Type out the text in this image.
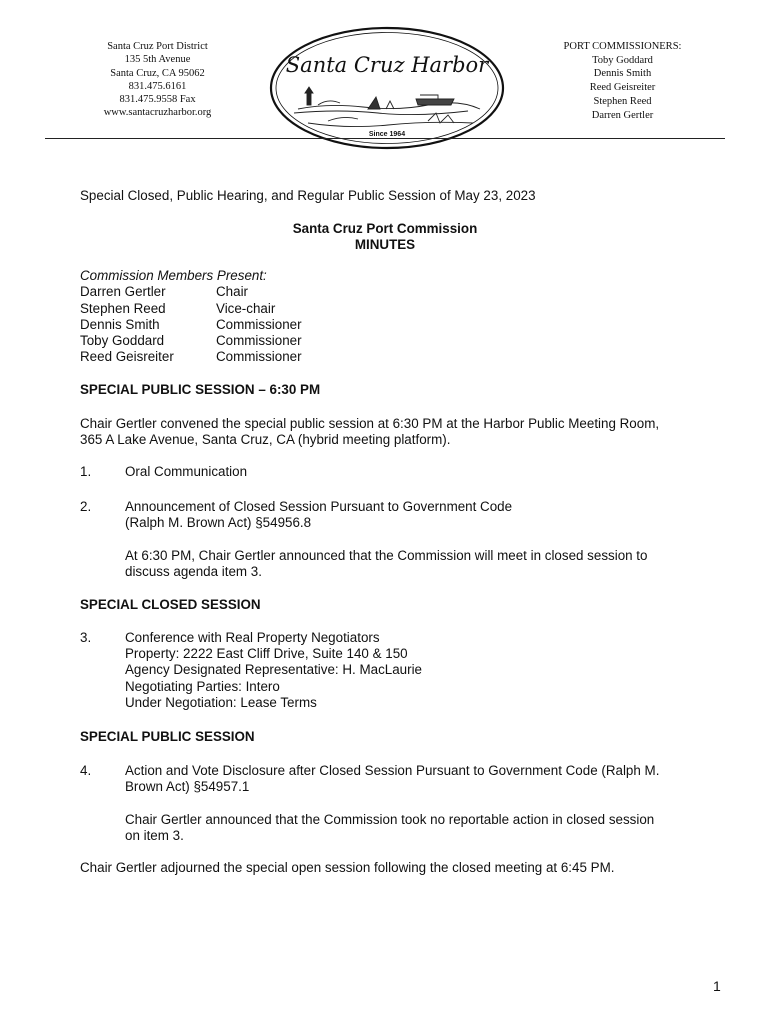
Santa Cruz Port District
135 5th Avenue
Santa Cruz, CA 95062
831.475.6161
831.475.9558 Fax
www.santacruzharbor.org
Santa Cruz Harbor
Since 1964
PORT COMMISSIONERS:
Toby Goddard
Dennis Smith
Reed Geisreiter
Stephen Reed
Darren Gertler
Special Closed, Public Hearing, and Regular Public Session of May 23, 2023
Santa Cruz Port Commission
MINUTES
Commission Members Present:
Darren Gertler	Chair
Stephen Reed	Vice-chair
Dennis Smith	Commissioner
Toby Goddard	Commissioner
Reed Geisreiter	Commissioner
SPECIAL PUBLIC SESSION – 6:30 PM
Chair Gertler convened the special public session at 6:30 PM at the Harbor Public Meeting Room,
365 A Lake Avenue, Santa Cruz, CA (hybrid meeting platform).
1.	Oral Communication
2.	Announcement of Closed Session Pursuant to Government Code
(Ralph M. Brown Act) §54956.8
At 6:30 PM, Chair Gertler announced that the Commission will meet in closed session to
discuss agenda item 3.
SPECIAL CLOSED SESSION
3.	Conference with Real Property Negotiators
Property: 2222 East Cliff Drive, Suite 140 & 150
Agency Designated Representative: H. MacLaurie
Negotiating Parties: Intero
Under Negotiation: Lease Terms
SPECIAL PUBLIC SESSION
4.	Action and Vote Disclosure after Closed Session Pursuant to Government Code (Ralph M.
Brown Act) §54957.1
Chair Gertler announced that the Commission took no reportable action in closed session
on item 3.
Chair Gertler adjourned the special open session following the closed meeting at 6:45 PM.
1
